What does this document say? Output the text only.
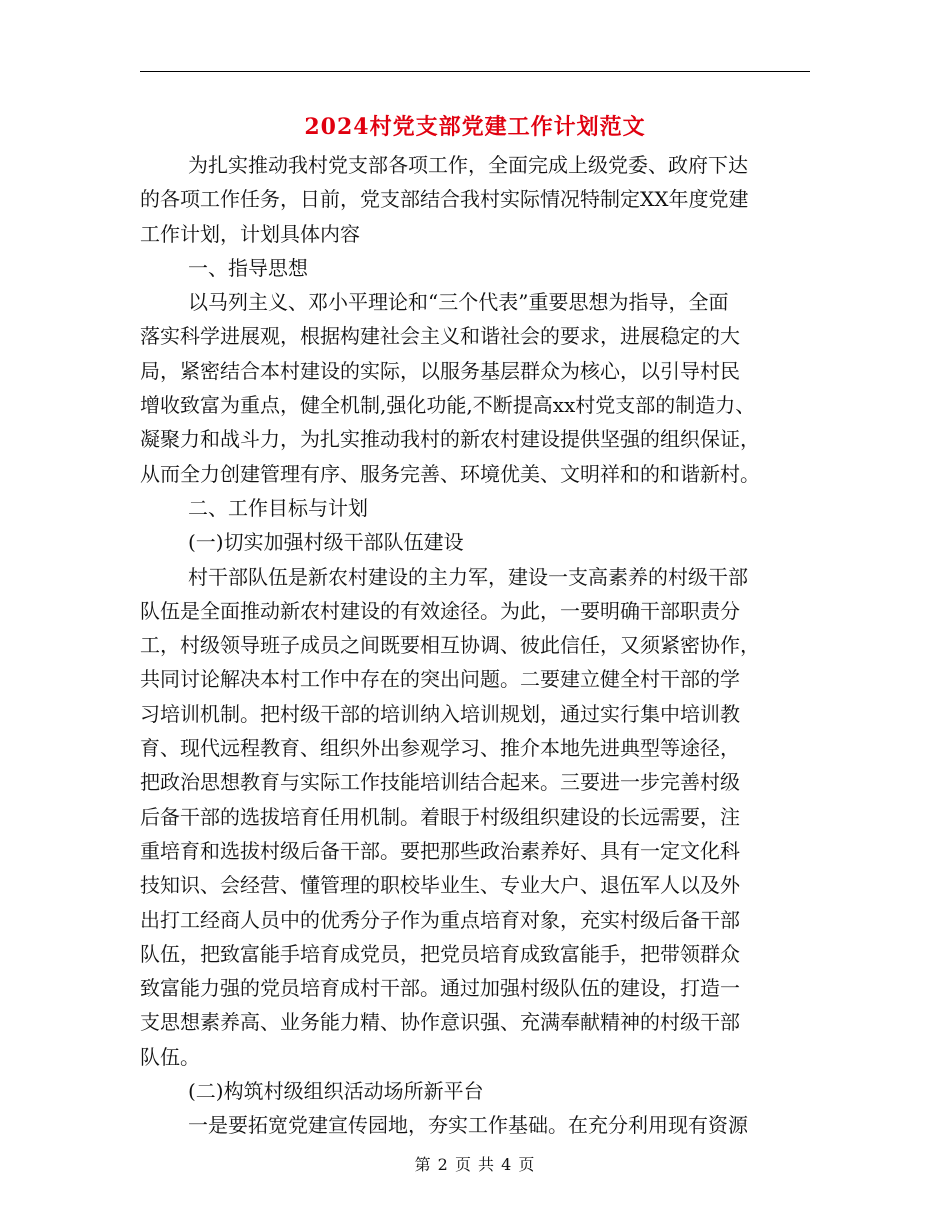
2024村党支部党建工作计划范文
为扎实推动我村党支部各项工作，全面完成上级党委、政府下达
的各项工作任务，日前，党支部结合我村实际情况特制定XX年度党建
工作计划，计划具体内容
一、指导思想
以马列主义、邓小平理论和“三个代表”重要思想为指导，全面
落实科学进展观，根据构建社会主义和谐社会的要求，进展稳定的大
局，紧密结合本村建设的实际，以服务基层群众为核心，以引导村民
增收致富为重点，健全机制,强化功能,不断提高xx村党支部的制造力、
凝聚力和战斗力，为扎实推动我村的新农村建设提供坚强的组织保证，
从而全力创建管理有序、服务完善、环境优美、文明祥和的和谐新村。
二、工作目标与计划
(一)切实加强村级干部队伍建设
村干部队伍是新农村建设的主力军，建设一支高素养的村级干部
队伍是全面推动新农村建设的有效途径。为此，一要明确干部职责分
工，村级领导班子成员之间既要相互协调、彼此信任，又须紧密协作，
共同讨论解决本村工作中存在的突出问题。二要建立健全村干部的学
习培训机制。把村级干部的培训纳入培训规划，通过实行集中培训教
育、现代远程教育、组织外出参观学习、推介本地先进典型等途径，
把政治思想教育与实际工作技能培训结合起来。三要进一步完善村级
后备干部的选拔培育任用机制。着眼于村级组织建设的长远需要，注
重培育和选拔村级后备干部。要把那些政治素养好、具有一定文化科
技知识、会经营、懂管理的职校毕业生、专业大户、退伍军人以及外
出打工经商人员中的优秀分子作为重点培育对象，充实村级后备干部
队伍，把致富能手培育成党员，把党员培育成致富能手，把带领群众
致富能力强的党员培育成村干部。通过加强村级队伍的建设，打造一
支思想素养高、业务能力精、协作意识强、充满奉献精神的村级干部
队伍。
(二)构筑村级组织活动场所新平台
一是要拓宽党建宣传园地，夯实工作基础。在充分利用现有资源
第 2 页 共 4 页
